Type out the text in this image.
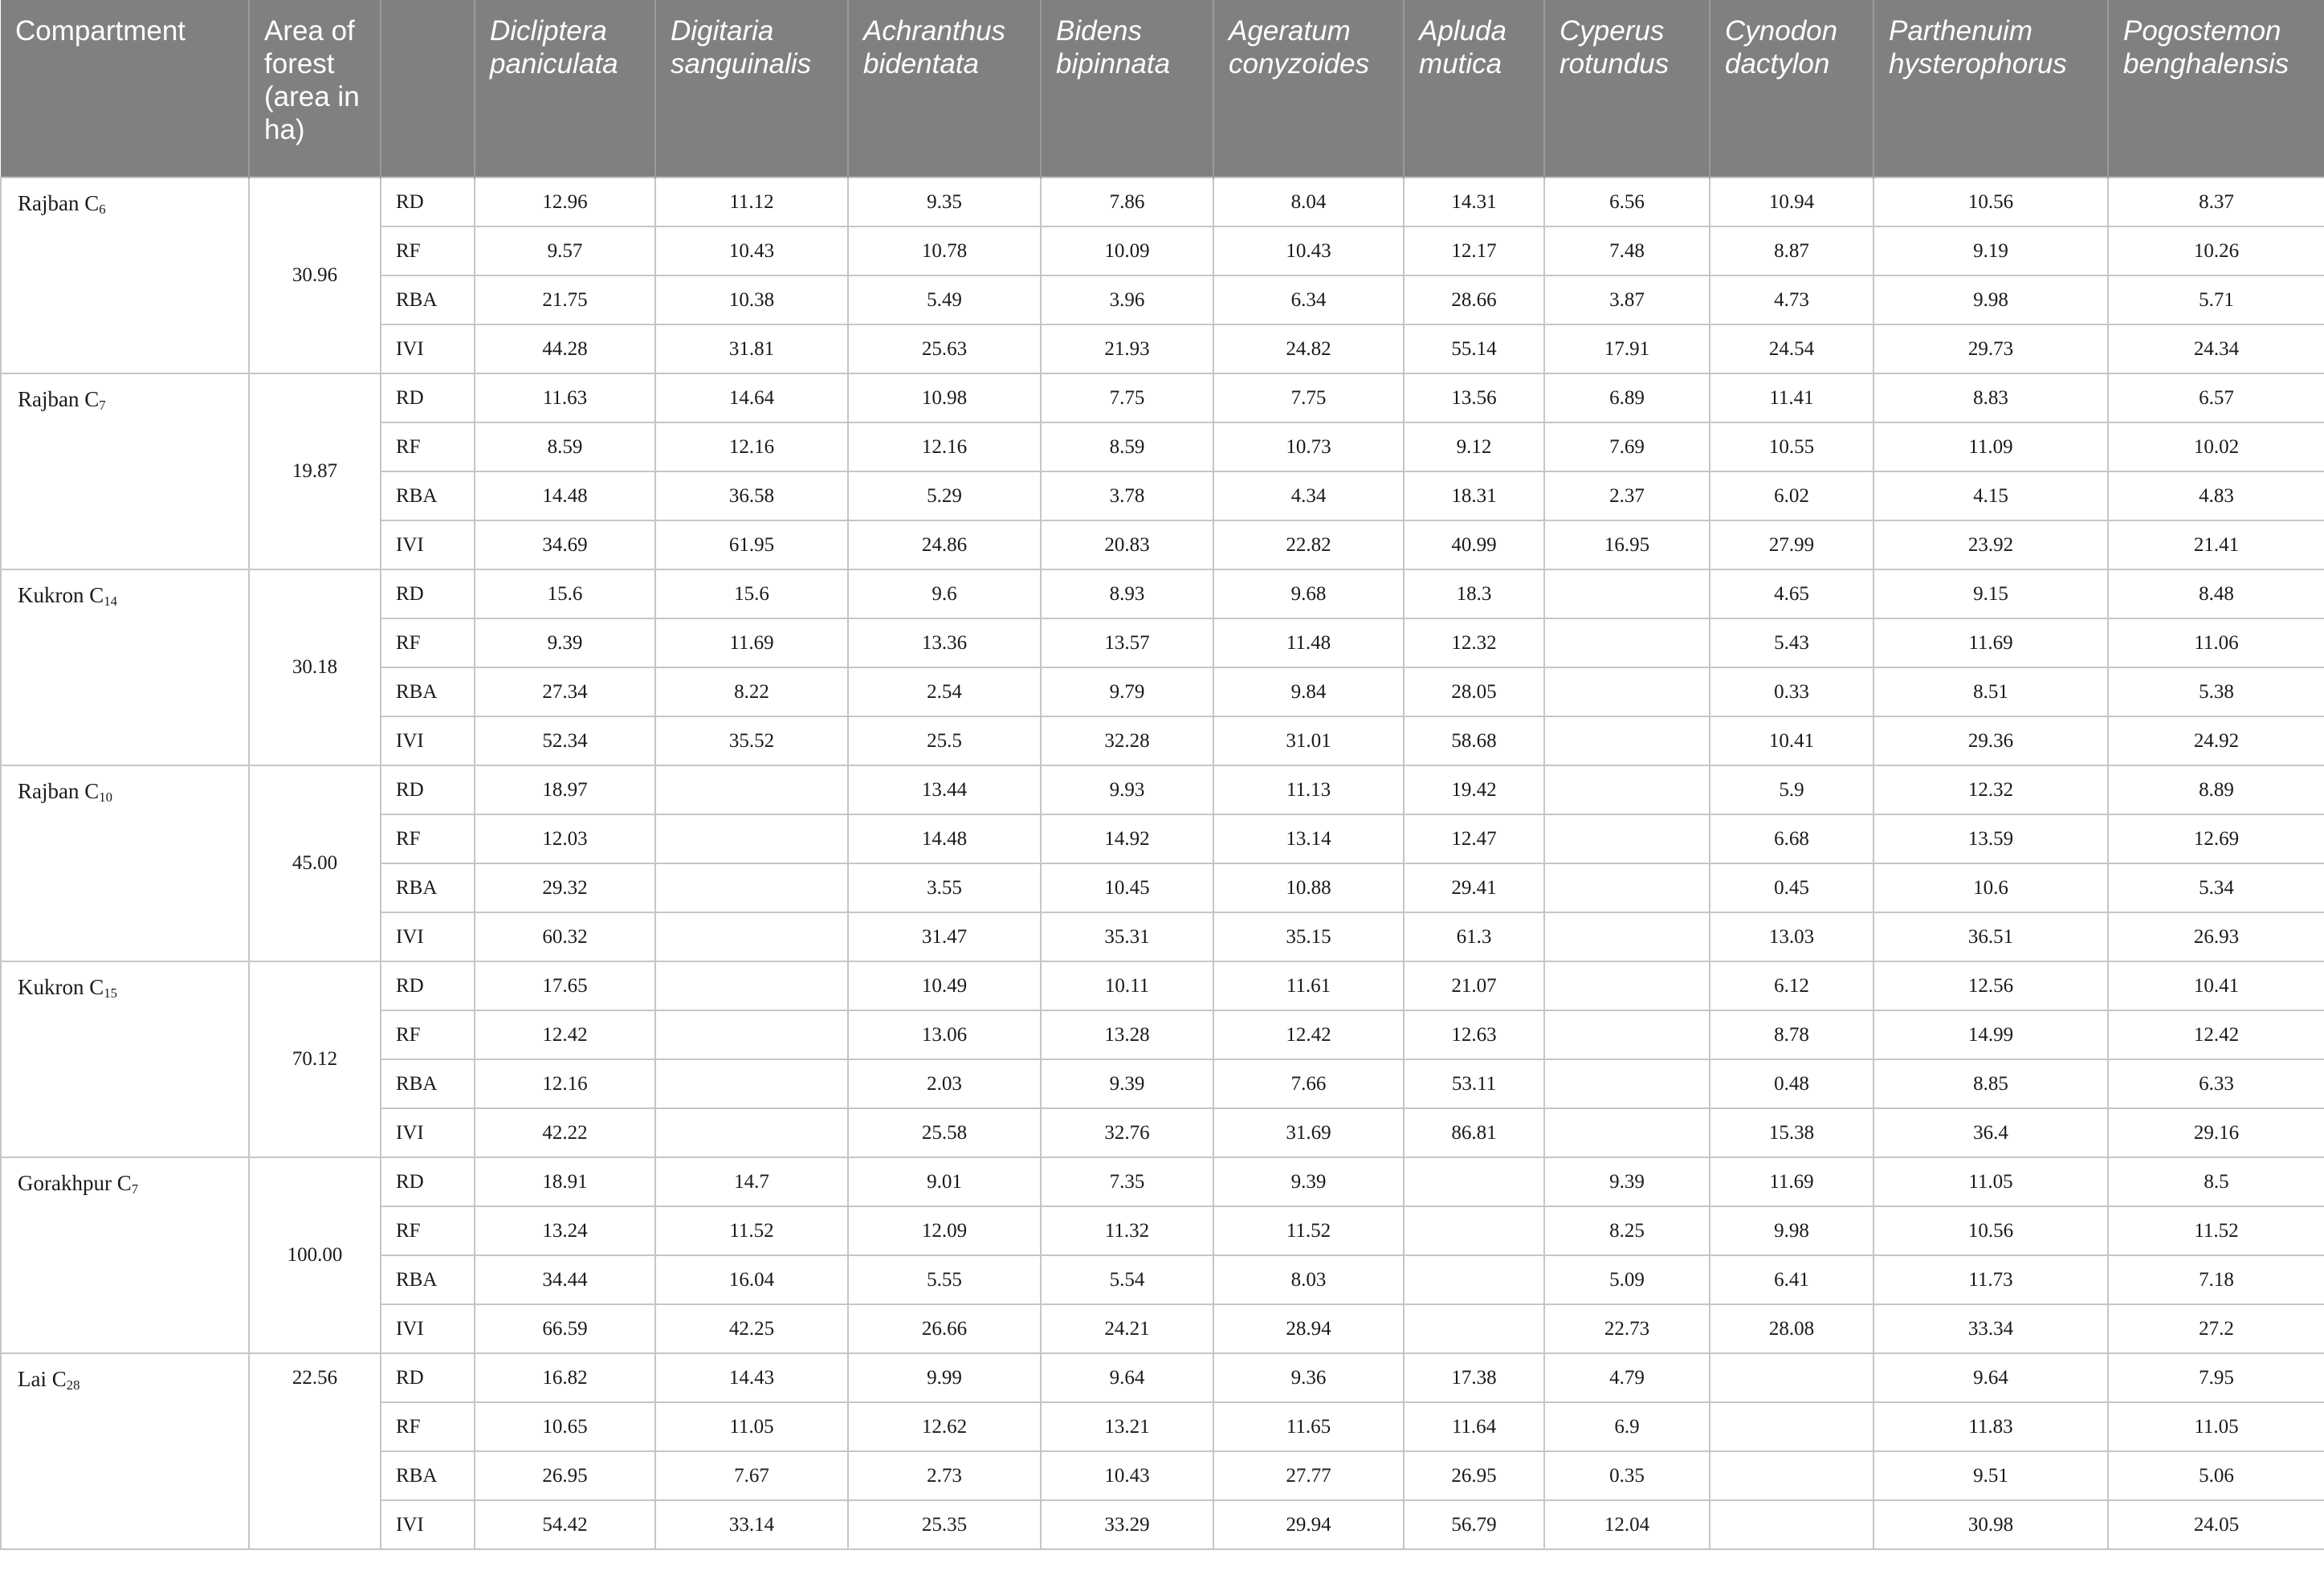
Compartment	Area of forest (area in ha)		Dicliptera paniculata	Digitaria sanguinalis	Achranthus bidentata	Bidens bipinnata	Ageratum conyzoides	Apluda mutica	Cyperus rotundus	Cynodon dactylon	Parthenuim hysterophorus	Pogostemon benghalensis
Rajban $C_6$	30.96	RD	12.96	11.12	9.35	7.86	8.04	14.31	6.56	10.94	10.56	8.37
		RF	9.57	10.43	10.78	10.09	10.43	12.17	7.48	8.87	9.19	10.26
		RBA	21.75	10.38	5.49	3.96	6.34	28.66	3.87	4.73	9.98	5.71
		IVI	44.28	31.81	25.63	21.93	24.82	55.14	17.91	24.54	29.73	24.34
Rajban $C_7$	19.87	RD	11.63	14.64	10.98	7.75	7.75	13.56	6.89	11.41	8.83	6.57
		RF	8.59	12.16	12.16	8.59	10.73	9.12	7.69	10.55	11.09	10.02
		RBA	14.48	36.58	5.29	3.78	4.34	18.31	2.37	6.02	4.15	4.83
		IVI	34.69	61.95	24.86	20.83	22.82	40.99	16.95	27.99	23.92	21.41
Kukron $C_{14}$	30.18	RD	15.6	15.6	9.6	8.93	9.68	18.3		4.65	9.15	8.48
		RF	9.39	11.69	13.36	13.57	11.48	12.32		5.43	11.69	11.06
		RBA	27.34	8.22	2.54	9.79	9.84	28.05		0.33	8.51	5.38
		IVI	52.34	35.52	25.5	32.28	31.01	58.68		10.41	29.36	24.92
Rajban $C_{10}$	45.00	RD	18.97		13.44	9.93	11.13	19.42		5.9	12.32	8.89
		RF	12.03		14.48	14.92	13.14	12.47		6.68	13.59	12.69
		RBA	29.32		3.55	10.45	10.88	29.41		0.45	10.6	5.34
		IVI	60.32		31.47	35.31	35.15	61.3		13.03	36.51	26.93
Kukron $C_{15}$	70.12	RD	17.65		10.49	10.11	11.61	21.07		6.12	12.56	10.41
		RF	12.42		13.06	13.28	12.42	12.63		8.78	14.99	12.42
		RBA	12.16		2.03	9.39	7.66	53.11		0.48	8.85	6.33
		IVI	42.22		25.58	32.76	31.69	86.81		15.38	36.4	29.16
Gorakhpur $C_7$	100.00	RD	18.91	14.7	9.01	7.35	9.39		9.39	11.69	11.05	8.5
		RF	13.24	11.52	12.09	11.32	11.52		8.25	9.98	10.56	11.52
		RBA	34.44	16.04	5.55	5.54	8.03		5.09	6.41	11.73	7.18
		IVI	66.59	42.25	26.66	24.21	28.94		22.73	28.08	33.34	27.2
Lai $C_{28}$	22.56	RD	16.82	14.43	9.99	9.64	9.36	17.38	4.79		9.64	7.95
		RF	10.65	11.05	12.62	13.21	11.65	11.64	6.9		11.83	11.05
		RBA	26.95	7.67	2.73	10.43	27.77	26.95	0.35		9.51	5.06
		IVI	54.42	33.14	25.35	33.29	29.94	56.79	12.04		30.98	24.05
